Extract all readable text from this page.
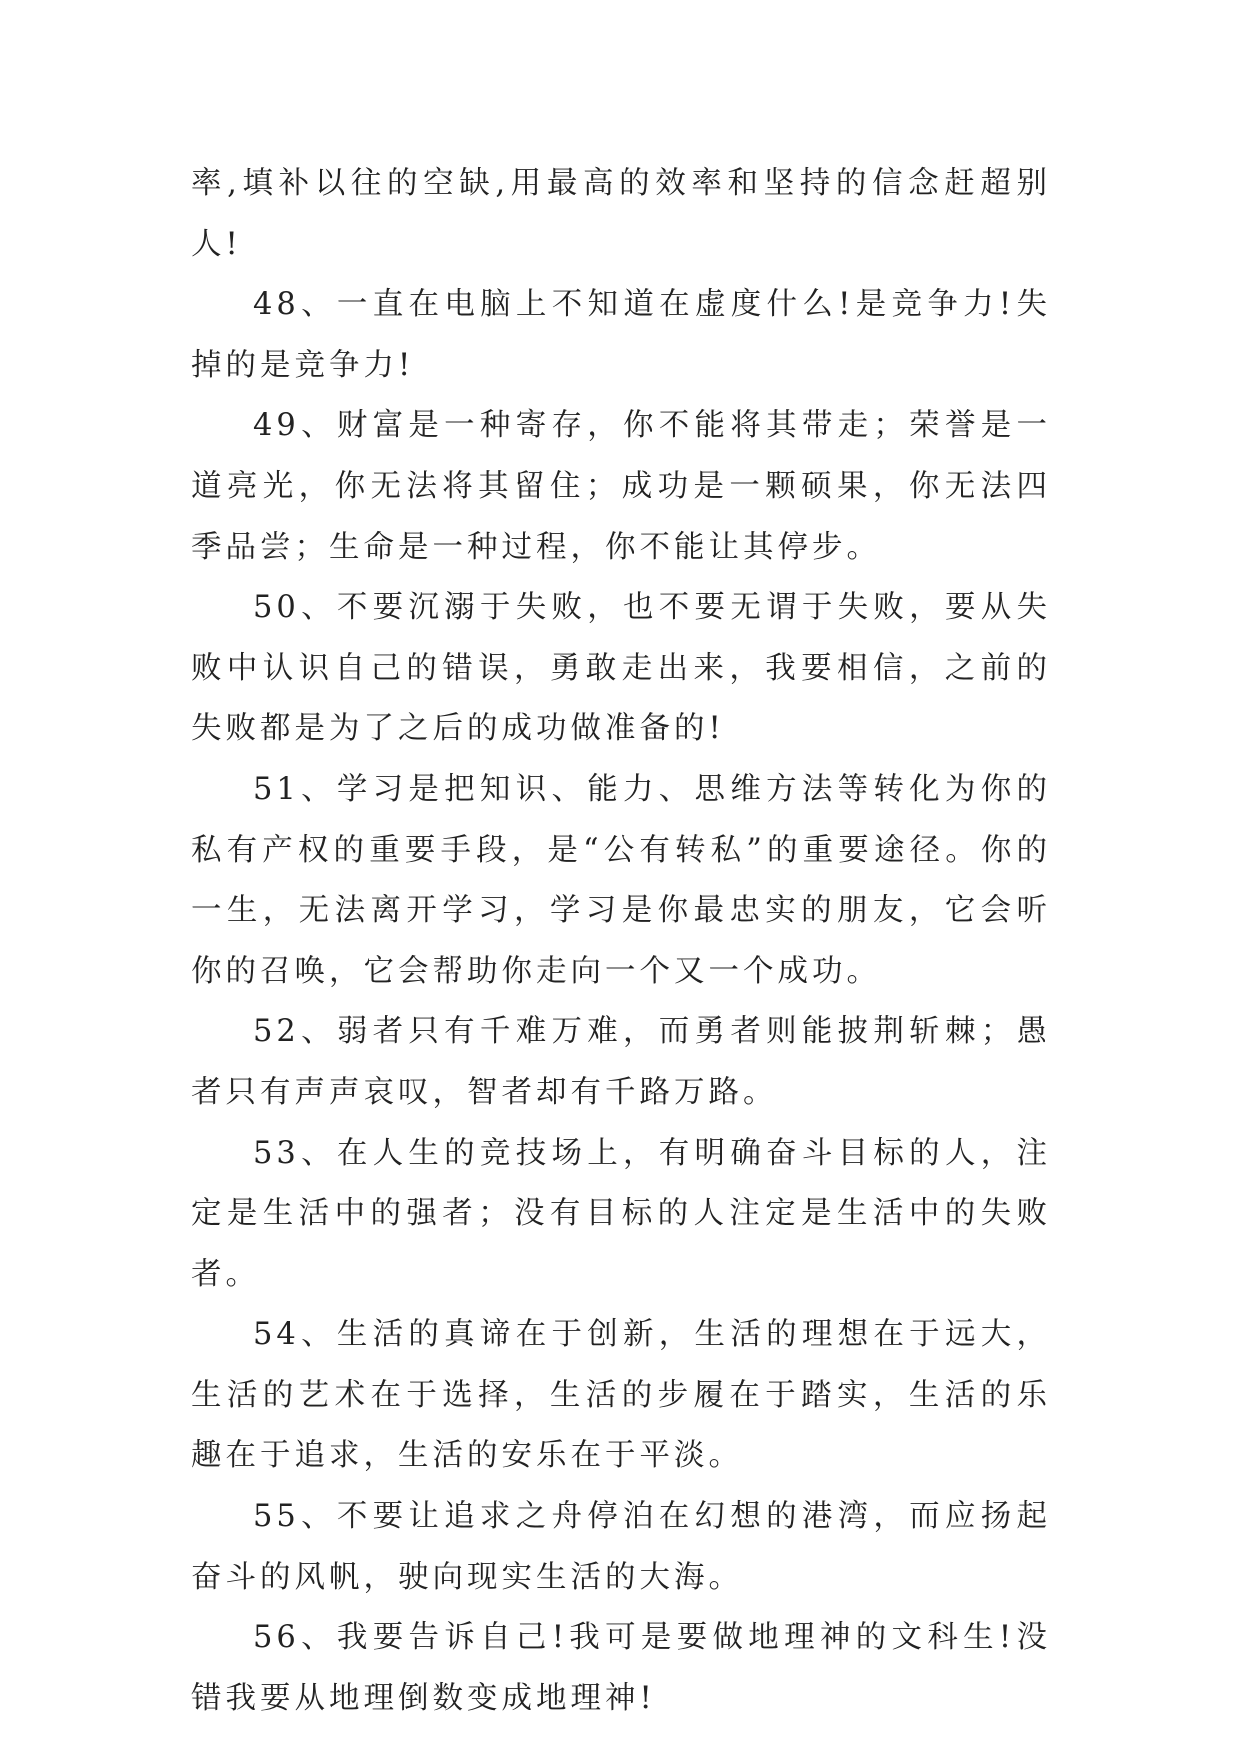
率,填补以往的空缺,用最高的效率和坚持的信念赶超别人!

48、一直在电脑上不知道在虚度什么!是竞争力!失掉的是竞争力!

49、财富是一种寄存，你不能将其带走；荣誉是一道亮光，你无法将其留住；成功是一颗硕果，你无法四季品尝；生命是一种过程，你不能让其停步。

50、不要沉溺于失败，也不要无谓于失败，要从失败中认识自己的错误，勇敢走出来，我要相信，之前的失败都是为了之后的成功做准备的!

51、学习是把知识、能力、思维方法等转化为你的私有产权的重要手段，是“公有转私”的重要途径。你的一生，无法离开学习，学习是你最忠实的朋友，它会听你的召唤，它会帮助你走向一个又一个成功。

52、弱者只有千难万难，而勇者则能披荆斩棘；愚者只有声声哀叹，智者却有千路万路。

53、在人生的竞技场上，有明确奋斗目标的人，注定是生活中的强者；没有目标的人注定是生活中的失败者。

54、生活的真谛在于创新，生活的理想在于远大，生活的艺术在于选择，生活的步履在于踏实，生活的乐趣在于追求，生活的安乐在于平淡。

55、不要让追求之舟停泊在幻想的港湾，而应扬起奋斗的风帆，驶向现实生活的大海。

56、我要告诉自己!我可是要做地理神的文科生!没错我要从地理倒数变成地理神!
